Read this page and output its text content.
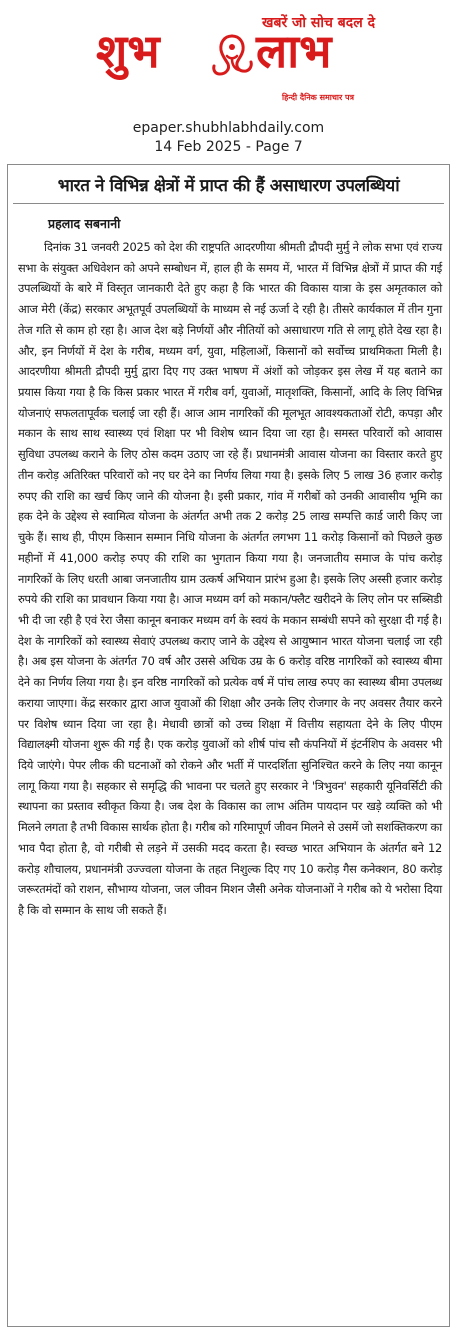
खबरें जो सोच बदल दे
शुभ लाभ
हिन्दी दैनिक समाचार पत्र
epaper.shubhlabhdaily.com
14 Feb 2025 - Page 7
भारत ने विभिन्न क्षेत्रों में प्राप्त की हैं असाधारण उपलब्धियां
प्रहलाद सबनानी

दिनांक 31 जनवरी 2025 को देश की राष्ट्रपति आदरणीया श्रीमती द्रौपदी मुर्मु ने लोक सभा एवं राज्य सभा के संयुक्त अधिवेशन को अपने सम्बोधन में, हाल ही के समय में, भारत में विभिन्न क्षेत्रों में प्राप्त की गई उपलब्धियों के बारे में विस्तृत जानकारी देते हुए कहा है कि भारत की विकास यात्रा के इस अमृतकाल को आज मेरी (केंद्र) सरकार अभूतपूर्व उपलब्धियों के माध्यम से नई ऊर्जा दे रही है। तीसरे कार्यकाल में तीन गुना तेज गति से काम हो रहा है। आज देश बड़े निर्णयों और नीतियों को असाधारण गति से लागू होते देख रहा है। और, इन निर्णयों में देश के गरीब, मध्यम वर्ग, युवा, महिलाओं, किसानों को सर्वोच्च प्राथमिकता मिली है। आदरणीया श्रीमती द्रौपदी मुर्मु द्वारा दिए गए उक्त भाषण में अंशों को जोड़कर इस लेख में यह बताने का प्रयास किया गया है कि किस प्रकार भारत में गरीब वर्ग, युवाओं, मातृशक्ति, किसानों, आदि के लिए विभिन्न योजनाएं सफलतापूर्वक चलाई जा रही हैं। आज आम नागरिकों की मूलभूत आवश्यकताओं रोटी, कपड़ा और मकान के साथ साथ स्वास्थ्य एवं शिक्षा पर भी विशेष ध्यान दिया जा रहा है। समस्त परिवारों को आवास सुविधा उपलब्ध कराने के लिए ठोस कदम उठाए जा रहे हैं। प्रधानमंत्री आवास योजना का विस्तार करते हुए तीन करोड़ अतिरिक्त परिवारों को नए घर देने का निर्णय लिया गया है। इसके लिए 5 लाख 36 हजार करोड़ रुपए की राशि का खर्च किए जाने की योजना है। इसी प्रकार, गांव में गरीबों को उनकी आवासीय भूमि का हक देने के उद्देश्य से स्वामित्व योजना के अंतर्गत अभी तक 2 करोड़ 25 लाख सम्पत्ति कार्ड जारी किए जा चुके हैं। साथ ही, पीएम किसान सम्मान निधि योजना के अंतर्गत लगभग 11 करोड़ किसानों को पिछले कुछ महीनों में 41,000 करोड़ रुपए की राशि का भुगतान किया गया है। जनजातीय समाज के पांच करोड़ नागरिकों के लिए धरती आबा जनजातीय ग्राम उत्कर्ष अभियान प्रारंभ हुआ है। इसके लिए अस्सी हजार करोड़ रुपये की राशि का प्रावधान किया गया है। आज मध्यम वर्ग को मकान/फ्लैट खरीदने के लिए लोन पर सब्सिडी भी दी जा रही है एवं रेरा जैसा कानून बनाकर मध्यम वर्ग के स्वयं के मकान सम्बंधी सपने को सुरक्षा दी गई है। देश के नागरिकों को स्वास्थ्य सेवाएं उपलब्ध कराए जाने के उद्देश्य से आयुष्मान भारत योजना चलाई जा रही है। अब इस योजना के अंतर्गत 70 वर्ष और उससे अधिक उम्र के 6 करोड़ वरिष्ठ नागरिकों को स्वास्थ्य बीमा देने का निर्णय लिया गया है। इन वरिष्ठ नागरिकों को प्रत्येक वर्ष में पांच लाख रुपए का स्वास्थ्य बीमा उपलब्ध कराया जाएगा। केंद्र सरकार द्वारा आज युवाओं की शिक्षा और उनके लिए रोजगार के नए अवसर तैयार करने पर विशेष ध्यान दिया जा रहा है। मेधावी छात्रों को उच्च शिक्षा में वित्तीय सहायता देने के लिए पीएम विद्यालक्ष्मी योजना शुरू की गई है। एक करोड़ युवाओं को शीर्ष पांच सौ कंपनियों में इंटर्नशिप के अवसर भी दिये जाएंगे। पेपर लीक की घटनाओं को रोकने और भर्ती में पारदर्शिता सुनिश्चित करने के लिए नया कानून लागू किया गया है। सहकार से समृद्धि की भावना पर चलते हुए सरकार ने 'त्रिभुवन' सहकारी यूनिवर्सिटी की स्थापना का प्रस्ताव स्वीकृत किया है। जब देश के विकास का लाभ अंतिम पायदान पर खड़े व्यक्ति को भी मिलने लगता है तभी विकास सार्थक होता है। गरीब को गरिमापूर्ण जीवन मिलने से उसमें जो सशक्तिकरण का भाव पैदा होता है, वो गरीबी से लड़ने में उसकी मदद करता है। स्वच्छ भारत अभियान के अंतर्गत बने 12 करोड़ शौचालय, प्रधानमंत्री उज्ज्वला योजना के तहत निशुल्क दिए गए 10 करोड़ गैस कनेक्शन, 80 करोड़ जरूरतमंदों को राशन, सौभाग्य योजना, जल जीवन मिशन जैसी अनेक योजनाओं ने गरीब को ये भरोसा दिया है कि वो सम्मान के साथ जी सकते हैं।
